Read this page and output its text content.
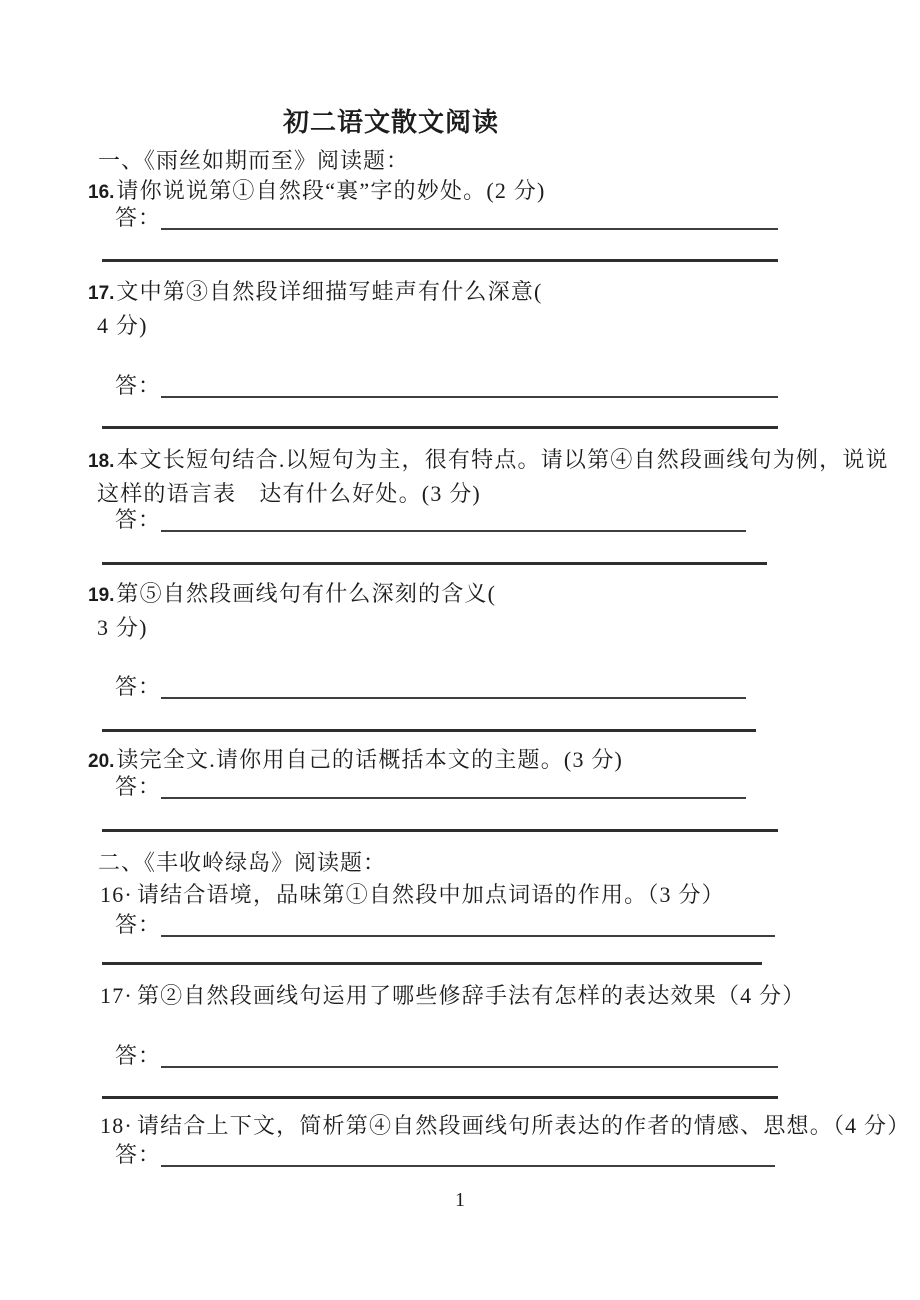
初二语文散文阅读
一、《雨丝如期而至》阅读题：
16.请你说说第①自然段“裏”字的妙处。(2 分)
答：
17.文中第③自然段详细描写蛙声有什么深意(
4 分)
答：
18.本文长短句结合.以短句为主，很有特点。请以第④自然段画线句为例，说说
这样的语言表　达有什么好处。(3 分)
答：
19.第⑤自然段画线句有什么深刻的含义(
3 分)
答：
20.读完全文.请你用自己的话概括本文的主题。(3 分)
答：
二、《丰收岭绿岛》阅读题：
16· 请结合语境，品味第①自然段中加点词语的作用。（3 分）
答：
17· 第②自然段画线句运用了哪些修辞手法有怎样的表达效果（4 分）
答：
18· 请结合上下文，简析第④自然段画线句所表达的作者的情感、思想。（4 分）
答：
1
